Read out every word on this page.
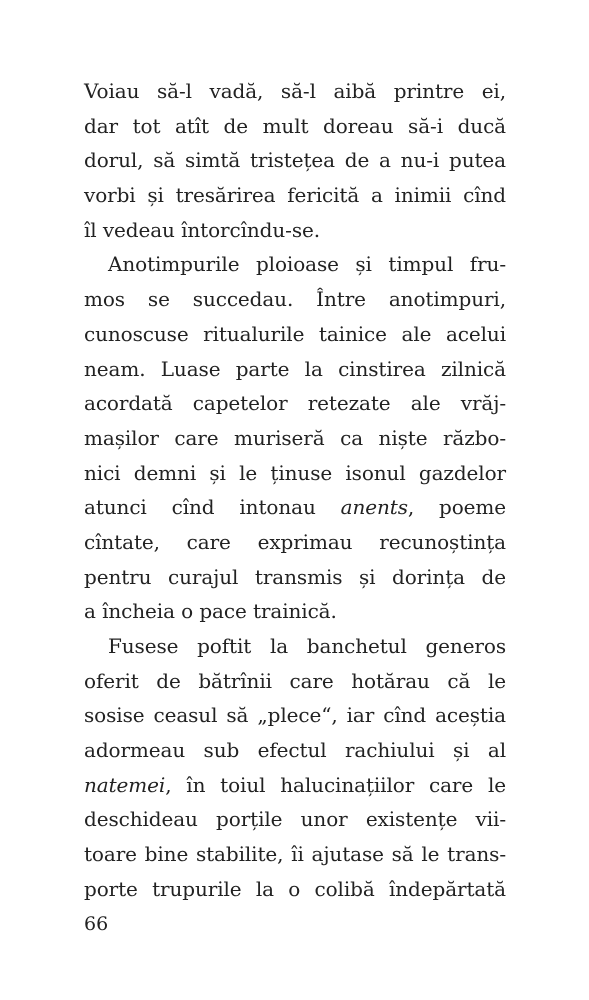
Voiau să-l vadă, să-l aibă printre ei,
dar tot atît de mult doreau să-i ducă
dorul, să simtă tristețea de a nu-i putea
vorbi și tresărirea fericită a inimii cînd
îl vedeau întorcîndu-se.
Anotimpurile ploioase și timpul fru-
mos se succedau. Între anotimpuri,
cunoscuse ritualurile tainice ale acelui
neam. Luase parte la cinstirea zilnică
acordată capetelor retezate ale vrăj-
mașilor care muriseră ca niște războ-
nici demni și le ținuse isonul gazdelor
atunci cînd intonau anents, poeme
cîntate, care exprimau recunoștința
pentru curajul transmis și dorința de
a încheia o pace trainică.
Fusese poftit la banchetul generos
oferit de bătrînii care hotărau că le
sosise ceasul să „plece“, iar cînd aceștia
adormeau sub efectul rachiului și al
natemei, în toiul halucinațiilor care le
deschideau porțile unor existențe vii-
toare bine stabilite, îi ajutase să le trans-
porte trupurile la o colibă îndepărtată
66
